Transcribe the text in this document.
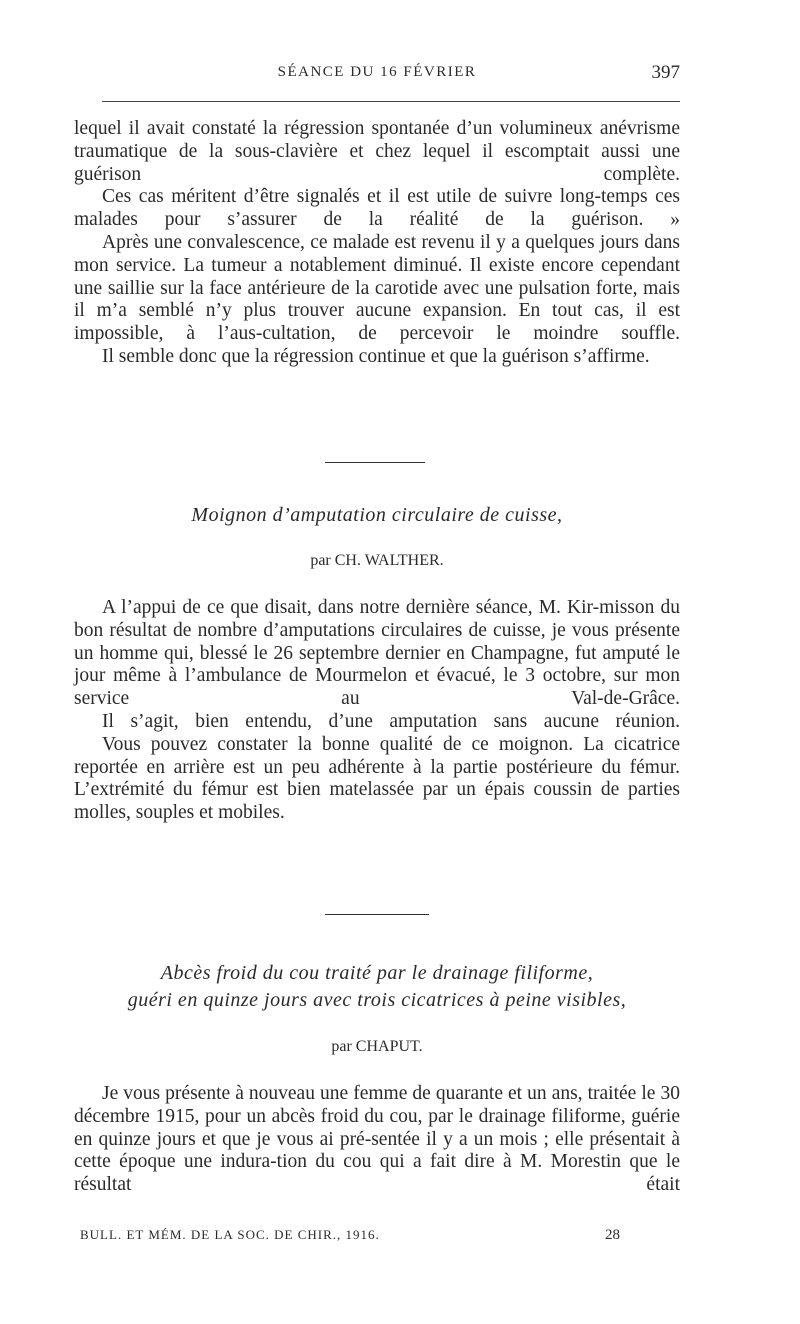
SÉANCE DU 16 FÉVRIER	397

lequel il avait constaté la régression spontanée d’un volumineux anévrisme traumatique de la sous-clavière et chez lequel il escomptait aussi une guérison complète.

Ces cas méritent d’être signalés et il est utile de suivre long-temps ces malades pour s’assurer de la réalité de la guérison. »

Après une convalescence, ce malade est revenu il y a quelques jours dans mon service. La tumeur a notablement diminué. Il existe encore cependant une saillie sur la face antérieure de la carotide avec une pulsation forte, mais il m’a semblé n’y plus trouver aucune expansion. En tout cas, il est impossible, à l’aus-cultation, de percevoir le moindre souffle.

Il semble donc que la régression continue et que la guérison s’affirme.

Moignon d’amputation circulaire de cuisse,
par CH. WALTHER.

A l’appui de ce que disait, dans notre dernière séance, M. Kir-misson du bon résultat de nombre d’amputations circulaires de cuisse, je vous présente un homme qui, blessé le 26 septembre dernier en Champagne, fut amputé le jour même à l’ambulance de Mourmelon et évacué, le 3 octobre, sur mon service au Val-de-Grâce.

Il s’agit, bien entendu, d’une amputation sans aucune réunion.

Vous pouvez constater la bonne qualité de ce moignon. La cicatrice reportée en arrière est un peu adhérente à la partie postérieure du fémur. L’extrémité du fémur est bien matelassée par un épais coussin de parties molles, souples et mobiles.

Abcès froid du cou traité par le drainage filiforme,
guéri en quinze jours avec trois cicatrices à peine visibles,
par CHAPUT.

Je vous présente à nouveau une femme de quarante et un ans, traitée le 30 décembre 1915, pour un abcès froid du cou, par le drainage filiforme, guérie en quinze jours et que je vous ai pré-sentée il y a un mois ; elle présentait à cette époque une indura-tion du cou qui a fait dire à M. Morestin que le résultat était

BULL. ET MÉM. DE LA SOC. DE CHIR., 1916.	28
